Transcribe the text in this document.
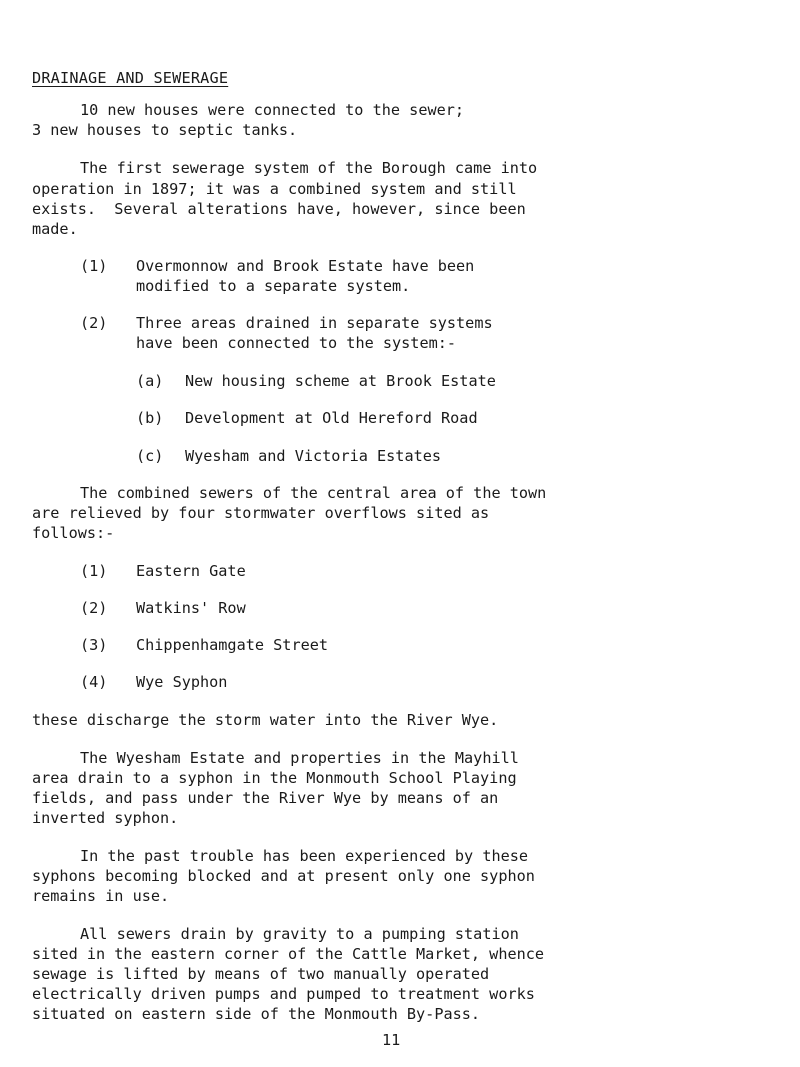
DRAINAGE AND SEWERAGE

10 new houses were connected to the sewer;

3 new houses to septic tanks.

The first sewerage system of the Borough came into

operation in 1897; it was a combined system and still

exists.  Several alterations have, however, since been

made.

(1) Overmonnow and Brook Estate have been

modified to a separate system.

(2) Three areas drained in separate systems

have been connected to the system:-

(a) New housing scheme at Brook Estate

(b) Development at Old Hereford Road

(c) Wyesham and Victoria Estates

The combined sewers of the central area of the town

are relieved by four stormwater overflows sited as

follows:-

(1) Eastern Gate

(2) Watkins' Row

(3) Chippenhamgate Street

(4) Wye Syphon

these discharge the storm water into the River Wye.

The Wyesham Estate and properties in the Mayhill

area drain to a syphon in the Monmouth School Playing

fields, and pass under the River Wye by means of an

inverted syphon.

In the past trouble has been experienced by these

syphons becoming blocked and at present only one syphon

remains in use.

All sewers drain by gravity to a pumping station

sited in the eastern corner of the Cattle Market, whence

sewage is lifted by means of two manually operated

electrically driven pumps and pumped to treatment works

situated on eastern side of the Monmouth By-Pass.

11
